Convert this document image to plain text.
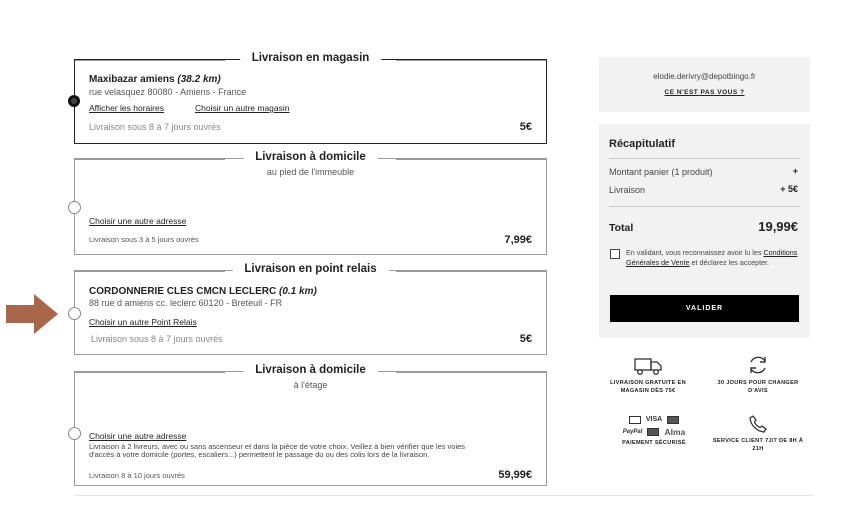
Livraison en magasin
Maxibazar amiens (38.2 km)
rue velasquez 80080 - Amiens - France
Afficher les horaires	Choisir un autre magasin
Livraison sous 8 à 7 jours ouvrés	5€
Livraison à domicile
au pied de l'immeuble
Choisir une autre adresse
Livraison sous 3 à 5 jours ouvrés	7,99€
Livraison en point relais
CORDONNERIE CLES CMCN LECLERC (0.1 km)
88 rue d amiens cc. leclerc 60120 - Breteuil - FR
Choisir un autre Point Relais
Livraison sous 8 à 7 jours ouvrés	5€
Livraison à domicile
à l'étage
Choisir une autre adresse
Livraison à 2 livreurs, avec ou sans ascenseur et dans la pièce de votre choix. Veillez à bien vérifier que les voies d'accès à votre domicile (portes, escaliers...) permettent le passage du ou des colis lors de la livraison.
Livraison 8 à 10 jours ouvrés	59,99€
elodie.derivry@depotbingo.fr
CE N'EST PAS VOUS ?
Récapitulatif
Montant panier (1 produit)	+
Livraison	+ 5€
Total	19,99€
En validant, vous reconnaissez avoir lu les Conditions Générales de Vente et déclarez les accepter.
VALIDER
LIVRAISON GRATUITE EN MAGASIN DÈS 75€
30 JOURS POUR CHANGER D'AVIS
VISA
PayPal	Alma
PAIEMENT SÉCURISÉ	SERVICE CLIENT 7J/7 DE 8H À 21H
